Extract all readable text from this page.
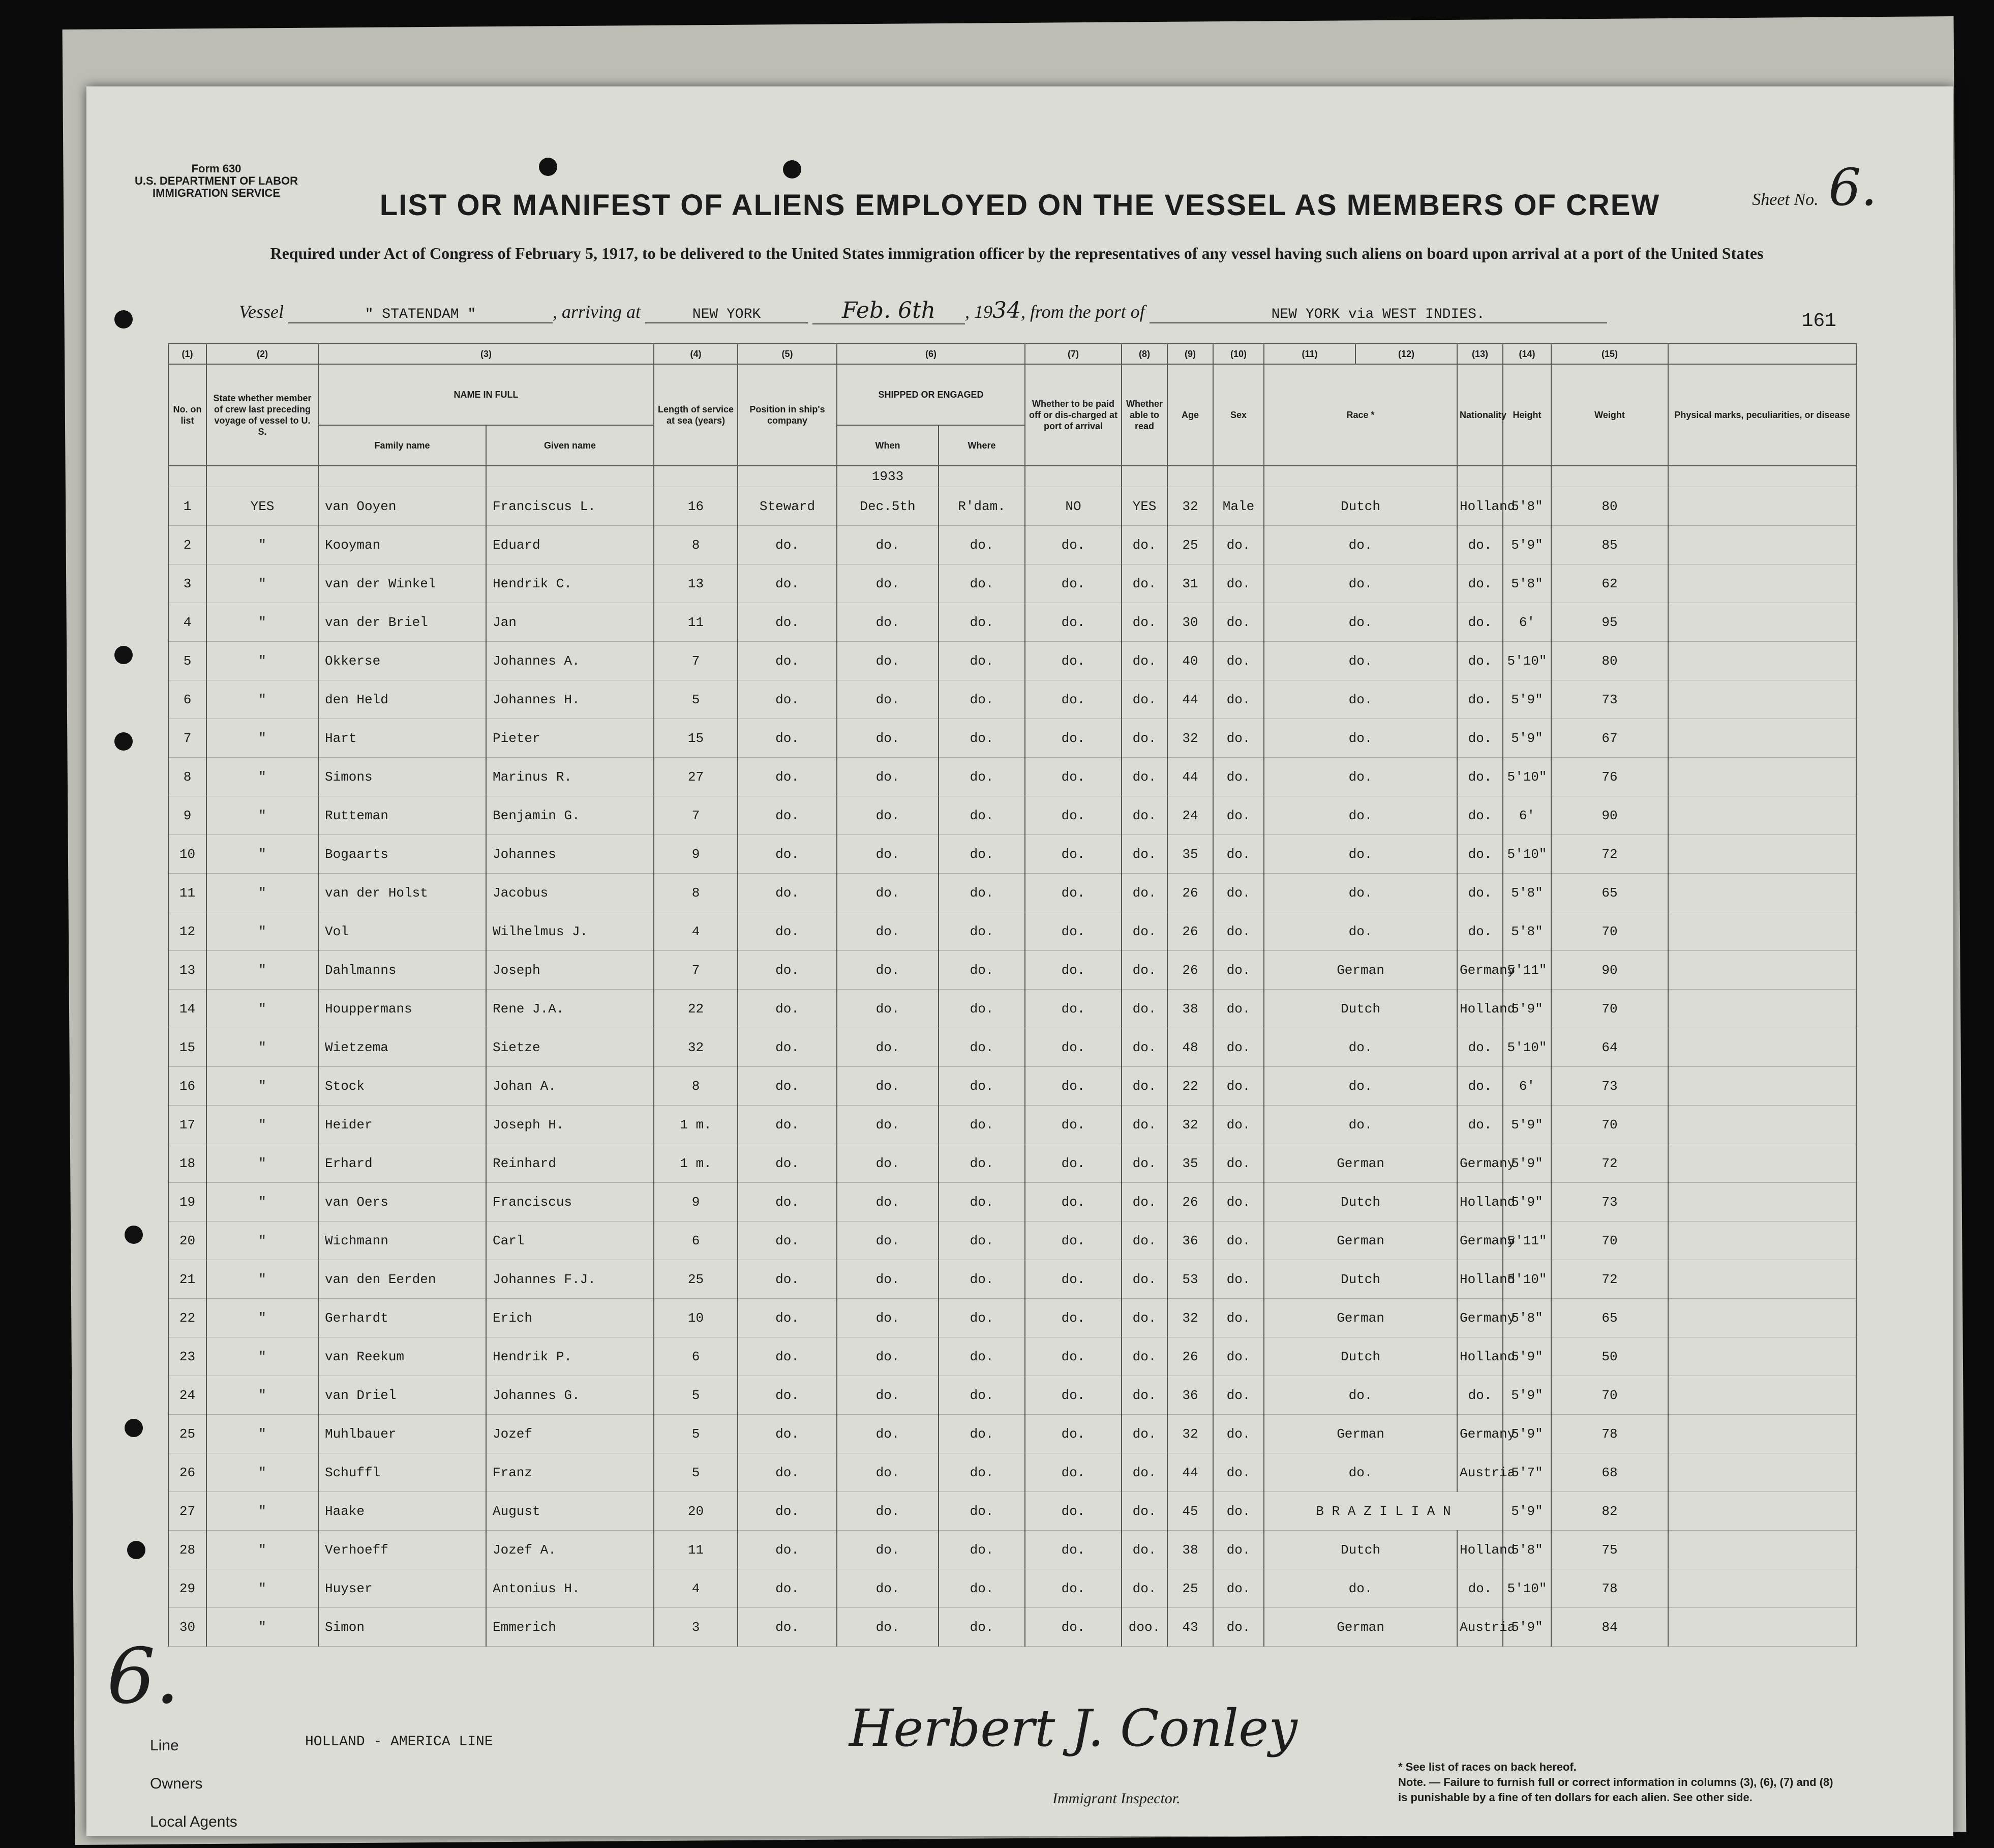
Form 630
U.S. DEPARTMENT OF LABOR
IMMIGRATION SERVICE	Sheet No. 6.
LIST OR MANIFEST OF ALIENS EMPLOYED ON THE VESSEL AS MEMBERS OF CREW
Required under Act of Congress of February 5, 1917, to be delivered to the United States immigration officer by the representatives of any vessel having such aliens on board upon arrival at a port of the United States
Vessel	" STATENDAM "	, arriving at	NEW YORK	Feb. 6th , 1934, from the port of	NEW YORK via WEST INDIES.	161
(1)	(2)	(3)		(4)	(5)	(6)		(7)	(8)	(9)	(10)	(11)	(12)	(13)	(14)	(15)		
No. on list	State whether member of crew last preceding voyage of vessel to U. S.	NAME IN FULL		Length of service at sea (years)	Position in ship's company	SHIPPED OR ENGAGED		Whether to be paid off or dis-charged at port of arrival	Whether able to read	Age	Sex	Race *		Nationality	Height	Weight	Physical marks, peculiarities, or disease	
		Family name	Given name			When	Where											
						1933												
1	YES	van Ooyen	Franciscus L.	16	Steward	Dec.5th	R'dam.	NO	YES	32	Male	Dutch		Holland	5'8"	80		
2	"	Kooyman	Eduard	8	do.	do.	do.	do.	do.	25	do.	do.		do.	5'9"	85		
3	"	van der Winkel	Hendrik C.	13	do.	do.	do.	do.	do.	31	do.	do.		do.	5'8"	62		
4	"	van der Briel	Jan	11	do.	do.	do.	do.	do.	30	do.	do.		do.	6'	95		
5	"	Okkerse	Johannes A.	7	do.	do.	do.	do.	do.	40	do.	do.		do.	5'10"	80		
6	"	den Held	Johannes H.	5	do.	do.	do.	do.	do.	44	do.	do.		do.	5'9"	73		
7	"	Hart	Pieter	15	do.	do.	do.	do.	do.	32	do.	do.		do.	5'9"	67		
8	"	Simons	Marinus R.	27	do.	do.	do.	do.	do.	44	do.	do.		do.	5'10"	76		
9	"	Rutteman	Benjamin G.	7	do.	do.	do.	do.	do.	24	do.	do.		do.	6'	90		
10	"	Bogaarts	Johannes	9	do.	do.	do.	do.	do.	35	do.	do.		do.	5'10"	72		
11	"	van der Holst	Jacobus	8	do.	do.	do.	do.	do.	26	do.	do.		do.	5'8"	65		
12	"	Vol	Wilhelmus J.	4	do.	do.	do.	do.	do.	26	do.	do.		do.	5'8"	70		
13	"	Dahlmanns	Joseph	7	do.	do.	do.	do.	do.	26	do.	German		Germany	5'11"	90		
14	"	Houppermans	Rene J.A.	22	do.	do.	do.	do.	do.	38	do.	Dutch		Holland	5'9"	70		
15	"	Wietzema	Sietze	32	do.	do.	do.	do.	do.	48	do.	do.		do.	5'10"	64		
16	"	Stock	Johan A.	8	do.	do.	do.	do.	do.	22	do.	do.		do.	6'	73		
17	"	Heider	Joseph H.	1 m.	do.	do.	do.	do.	do.	32	do.	do.		do.	5'9"	70		
18	"	Erhard	Reinhard	1 m.	do.	do.	do.	do.	do.	35	do.	German		Germany	5'9"	72		
19	"	van Oers	Franciscus	9	do.	do.	do.	do.	do.	26	do.	Dutch		Holland	5'9"	73		
20	"	Wichmann	Carl	6	do.	do.	do.	do.	do.	36	do.	German		Germany	5'11"	70		
21	"	van den Eerden	Johannes F.J.	25	do.	do.	do.	do.	do.	53	do.	Dutch		Holland	5'10"	72		
22	"	Gerhardt	Erich	10	do.	do.	do.	do.	do.	32	do.	German		Germany	5'8"	65		
23	"	van Reekum	Hendrik P.	6	do.	do.	do.	do.	do.	26	do.	Dutch		Holland	5'9"	50		
24	"	van Driel	Johannes G.	5	do.	do.	do.	do.	do.	36	do.	do.		do.	5'9"	70		
25	"	Muhlbauer	Jozef	5	do.	do.	do.	do.	do.	32	do.	German		Germany	5'9"	78		
26	"	Schuffl	Franz	5	do.	do.	do.	do.	do.	44	do.	do.		Austria	5'7"	68		
27	"	Haake	August	20	do.	do.	do.	do.	do.	45	do.	B R A Z I L I A N			5'9"	82		
28	"	Verhoeff	Jozef A.	11	do.	do.	do.	do.	do.	38	do.	Dutch		Holland	5'8"	75		
29	"	Huyser	Antonius H.	4	do.	do.	do.	do.	do.	25	do.	do.		do.	5'10"	78		
30	"	Simon	Emmerich	3	do.	do.	do.	do.	doo.	43	do.	German		Austria	5'9"	84		
6.
Line
Owners
Local Agents
HOLLAND - AMERICA LINE	Herbert J. Conley
Immigrant Inspector.
* See list of races on back hereof.
Note. — Failure to furnish full or correct information in columns (3), (6), (7) and (8)
is punishable by a fine of ten dollars for each alien. See other side.
